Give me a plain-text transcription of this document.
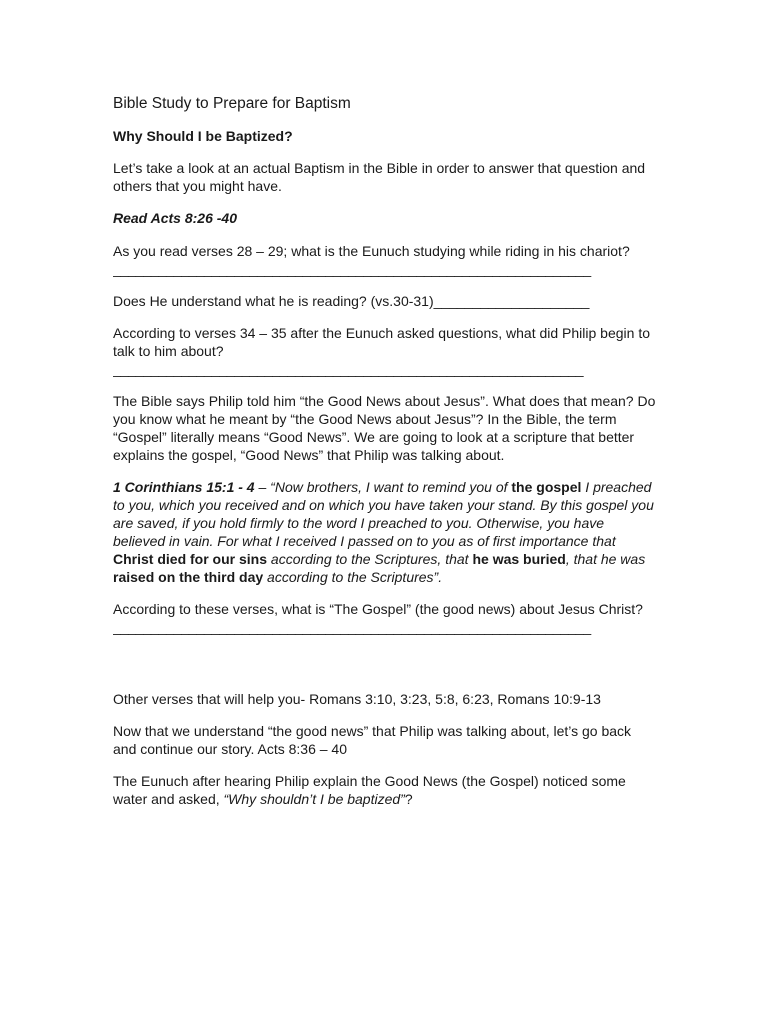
Bible Study to Prepare for Baptism
Why Should I be Baptized?

Let’s take a look at an actual Baptism in the Bible in order to answer that question and others that you might have.

Read Acts 8:26 -40

As you read verses 28 – 29; what is the Eunuch studying while riding in his chariot?
_______________________________________________________________

Does He understand what he is reading? (vs.30-31)____________________

According to verses 34 – 35 after the Eunuch asked questions, what did Philip begin to talk to him about?
______________________________________________________________

The Bible says Philip told him “the Good News about Jesus”. What does that mean? Do you know what he meant by “the Good News about Jesus”? In the Bible, the term “Gospel” literally means “Good News”. We are going to look at a scripture that better explains the gospel, “Good News” that Philip was talking about.

1 Corinthians 15:1 - 4 – “Now brothers, I want to remind you of the gospel I preached to you, which you received and on which you have taken your stand. By this gospel you are saved, if you hold firmly to the word I preached to you. Otherwise, you have believed in vain. For what I received I passed on to you as of first importance that Christ died for our sins according to the Scriptures, that he was buried, that he was raised on the third day according to the Scriptures”.

According to these verses, what is “The Gospel” (the good news) about Jesus Christ?
_______________________________________________________________

Other verses that will help you- Romans 3:10, 3:23, 5:8, 6:23, Romans 10:9-13

Now that we understand “the good news” that Philip was talking about, let’s go back and continue our story. Acts 8:36 – 40

The Eunuch after hearing Philip explain the Good News (the Gospel) noticed some water and asked, “Why shouldn’t I be baptized”?
